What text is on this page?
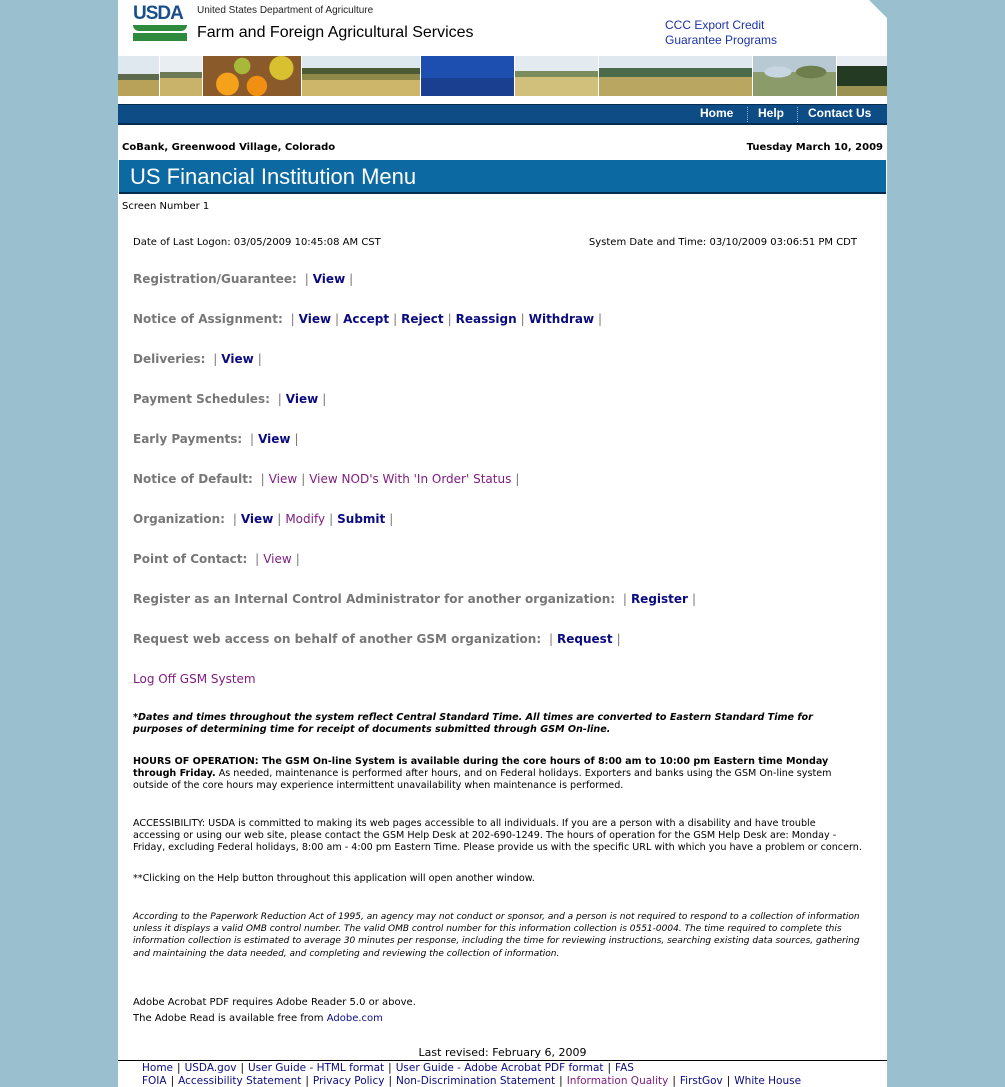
USDA United States Department of Agriculture
Farm and Foreign Agricultural Services	CCC Export Credit
Guarantee Programs
Home Help Contact Us
CoBank, Greenwood Village, Colorado	Tuesday March 10, 2009
US Financial Institution Menu
Screen Number 1
Date of Last Logon: 03/05/2009 10:45:08 AM CST	System Date and Time: 03/10/2009 03:06:51 PM CDT
Registration/Guarantee: | View |
Notice of Assignment: | View | Accept | Reject | Reassign | Withdraw |
Deliveries: | View |
Payment Schedules: | View |
Early Payments: | View |
Notice of Default: | View | View NOD's With 'In Order' Status |
Organization: | View | Modify | Submit |
Point of Contact: | View |
Register as an Internal Control Administrator for another organization: | Register |
Request web access on behalf of another GSM organization: | Request |
Log Off GSM System
*Dates and times throughout the system reflect Central Standard Time. All times are converted to Eastern Standard Time for purposes of determining time for receipt of documents submitted through GSM On-line.
HOURS OF OPERATION: The GSM On-line System is available during the core hours of 8:00 am to 10:00 pm Eastern time Monday through Friday. As needed, maintenance is performed after hours, and on Federal holidays. Exporters and banks using the GSM On-line system outside of the core hours may experience intermittent unavailability when maintenance is performed.
ACCESSIBILITY: USDA is committed to making its web pages accessible to all individuals. If you are a person with a disability and have trouble accessing or using our web site, please contact the GSM Help Desk at 202-690-1249. The hours of operation for the GSM Help Desk are: Monday - Friday, excluding Federal holidays, 8:00 am - 4:00 pm Eastern Time. Please provide us with the specific URL with which you have a problem or concern.
**Clicking on the Help button throughout this application will open another window.
According to the Paperwork Reduction Act of 1995, an agency may not conduct or sponsor, and a person is not required to respond to a collection of information unless it displays a valid OMB control number. The valid OMB control number for this information collection is 0551-0004. The time required to complete this information collection is estimated to average 30 minutes per response, including the time for reviewing instructions, searching existing data sources, gathering and maintaining the data needed, and completing and reviewing the collection of information.
Adobe Acrobat PDF requires Adobe Reader 5.0 or above.
The Adobe Read is available free from Adobe.com
Last revised: February 6, 2009
Home | USDA.gov | User Guide - HTML format | User Guide - Adobe Acrobat PDF format | FAS
FOIA | Accessibility Statement | Privacy Policy | Non-Discrimination Statement | Information Quality | FirstGov | White House
